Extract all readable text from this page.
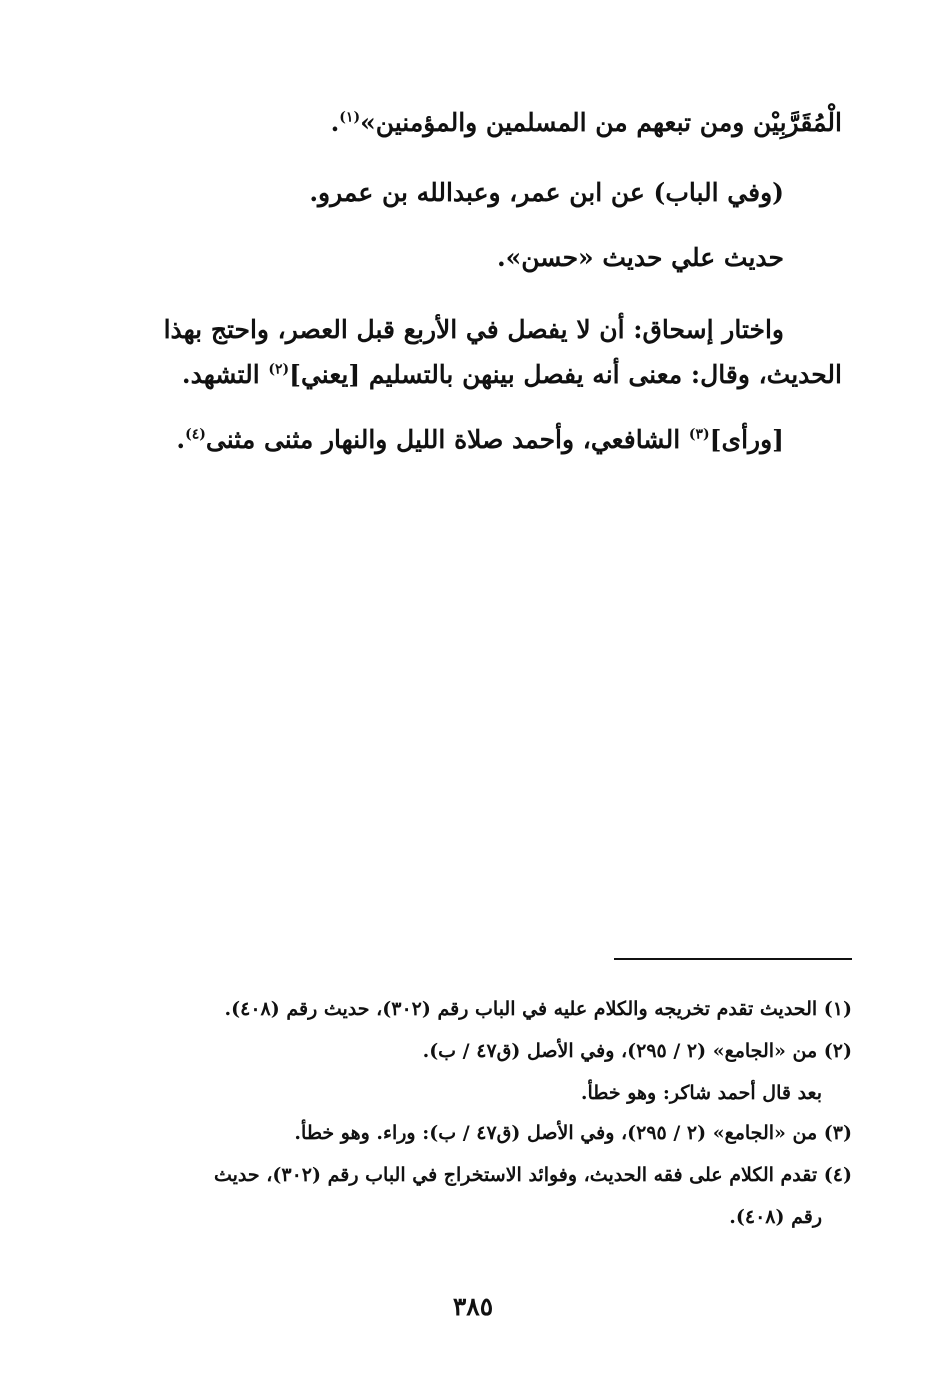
الْمُقَرَّبِيْن ومن تبعهم من المسلمين والمؤمنين»$^{(١)}$.
(وفي الباب) عن ابن عمر، وعبدالله بن عمرو.
حديث علي حديث «حسن».
واختار إسحاق: أن لا يفصل في الأربع قبل العصر، واحتج بهذا
الحديث، وقال: معنى أنه يفصل بينهن بالتسليم [يعني]$^{(٢)}$ التشهد.
[ورأى]$^{(٣)}$ الشافعي، وأحمد صلاة الليل والنهار مثنى مثنى$^{(٤)}$.
(١) الحديث تقدم تخريجه والكلام عليه في الباب رقم (٣٠٢)، حديث رقم (٤٠٨).
(٢) من «الجامع» (٢ / ٢٩٥)، وفي الأصل (ق٤٧ / ب).
بعد قال أحمد شاكر: وهو خطأ.
(٣) من «الجامع» (٢ / ٢٩٥)، وفي الأصل (ق٤٧ / ب): وراء. وهو خطأ.
(٤) تقدم الكلام على فقه الحديث، وفوائد الاستخراج في الباب رقم (٣٠٢)، حديث
رقم (٤٠٨).
٣٨٥
